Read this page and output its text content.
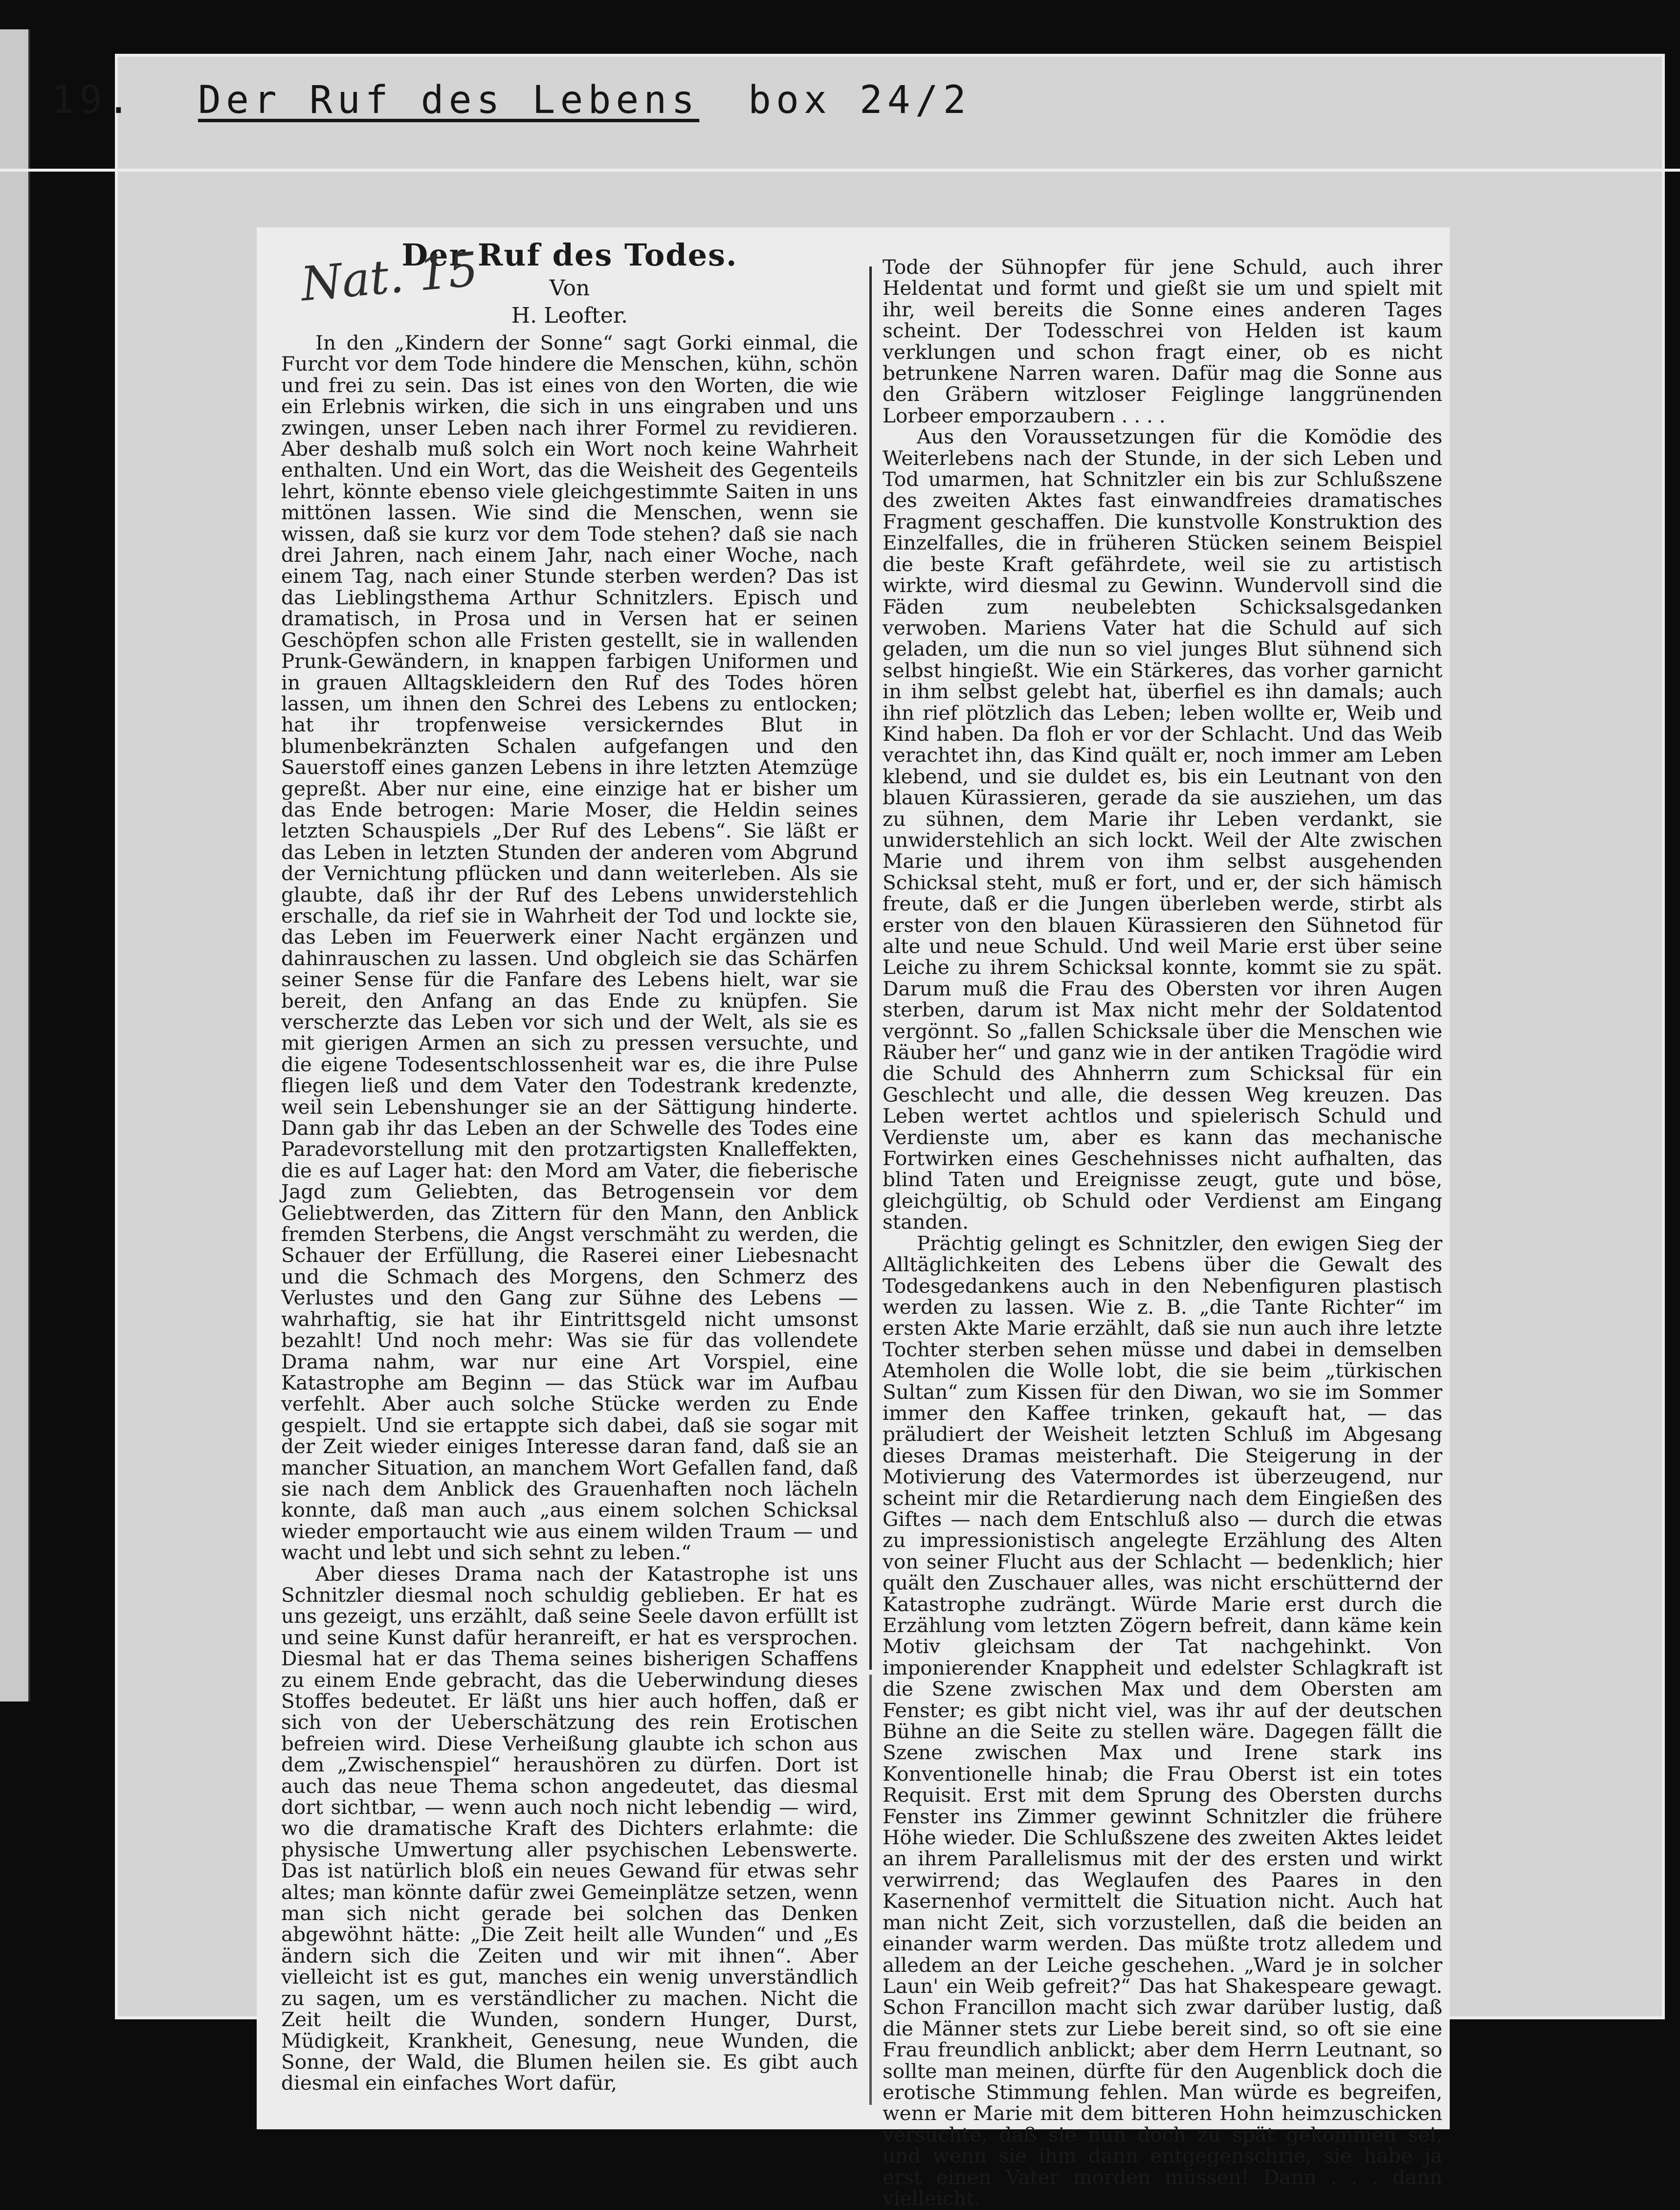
19. Der Ruf des Lebens box 24/2
Der Ruf des Todes.
Von
H. Leofter.

In den „Kindern der Sonne“ sagt Gorki einmal, die Furcht vor dem Tode hindere die Menschen, kühn, schön und frei zu sein. Das ist eines von den Worten, die wie ein Erlebnis wirken, die sich in uns eingraben und uns zwingen, unser Leben nach ihrer Formel zu revidieren. Aber deshalb muß solch ein Wort noch keine Wahrheit enthalten. Und ein Wort, das die Weisheit des Gegenteils lehrt, könnte ebenso viele gleichgestimmte Saiten in uns mittönen lassen. Wie sind die Menschen, wenn sie wissen, daß sie kurz vor dem Tode stehen? daß sie nach drei Jahren, nach einem Jahr, nach einer Woche, nach einem Tag, nach einer Stunde sterben werden? Das ist das Lieblingsthema Arthur Schnitzlers. Episch und dramatisch, in Prosa und in Versen hat er seinen Geschöpfen schon alle Fristen gestellt, sie in wallenden Prunk-Gewändern, in knappen farbigen Uniformen und in grauen Alltagskleidern den Ruf des Todes hören lassen, um ihnen den Schrei des Lebens zu entlocken; hat ihr tropfenweise versickerndes Blut in blumenbekränzten Schalen aufgefangen und den Sauerstoff eines ganzen Lebens in ihre letzten Atemzüge gepreßt. Aber nur eine, eine einzige hat er bisher um das Ende betrogen: Marie Moser, die Heldin seines letzten Schauspiels „Der Ruf des Lebens“. Sie läßt er das Leben in letzten Stunden der anderen vom Abgrund der Vernichtung pflücken und dann weiterleben. Als sie glaubte, daß ihr der Ruf des Lebens unwiderstehlich erschalle, da rief sie in Wahrheit der Tod und lockte sie, das Leben im Feuerwerk einer Nacht ergänzen und dahinrauschen zu lassen. Und obgleich sie das Schärfen seiner Sense für die Fanfare des Lebens hielt, war sie bereit, den Anfang an das Ende zu knüpfen. Sie verscherzte das Leben vor sich und der Welt, als sie es mit gierigen Armen an sich zu pressen versuchte, und die eigene Todesentschlossenheit war es, die ihre Pulse fliegen ließ und dem Vater den Todestrank kredenzte, weil sein Lebenshunger sie an der Sättigung hinderte. Dann gab ihr das Leben an der Schwelle des Todes eine Paradevorstellung mit den protzartigsten Knalleffekten, die es auf Lager hat: den Mord am Vater, die fieberische Jagd zum Geliebten, das Betrogensein vor dem Geliebtwerden, das Zittern für den Mann, den Anblick fremden Sterbens, die Angst verschmäht zu werden, die Schauer der Erfüllung, die Raserei einer Liebesnacht und die Schmach des Morgens, den Schmerz des Verlustes und den Gang zur Sühne des Lebens — wahrhaftig, sie hat ihr Eintrittsgeld nicht umsonst bezahlt! Und noch mehr: Was sie für das vollendete Drama nahm, war nur eine Art Vorspiel, eine Katastrophe am Beginn — das Stück war im Aufbau verfehlt. Aber auch solche Stücke werden zu Ende gespielt. Und sie ertappte sich dabei, daß sie sogar mit der Zeit wieder einiges Interesse daran fand, daß sie an mancher Situation, an manchem Wort Gefallen fand, daß sie nach dem Anblick des Grauenhaften noch lächeln konnte, daß man auch „aus einem solchen Schicksal wieder emportaucht wie aus einem wilden Traum — und wacht und lebt und sich sehnt zu leben.“

Aber dieses Drama nach der Katastrophe ist uns Schnitzler diesmal noch schuldig geblieben. Er hat es uns gezeigt, uns erzählt, daß seine Seele davon erfüllt ist und seine Kunst dafür heranreift, er hat es versprochen. Diesmal hat er das Thema seines bisherigen Schaffens zu einem Ende gebracht, das die Ueberwindung dieses Stoffes bedeutet. Er läßt uns hier auch hoffen, daß er sich von der Ueberschätzung des rein Erotischen befreien wird. Diese Verheißung glaubte ich schon aus dem „Zwischenspiel“ heraushören zu dürfen. Dort ist auch das neue Thema schon angedeutet, das diesmal dort sichtbar, — wenn auch noch nicht lebendig — wird, wo die dramatische Kraft des Dichters erlahmte: die physische Umwertung aller psychischen Lebenswerte. Das ist natürlich bloß ein neues Gewand für etwas sehr altes; man könnte dafür zwei Gemeinplätze setzen, wenn man sich nicht gerade bei solchen das Denken abgewöhnt hätte: „Die Zeit heilt alle Wunden“ und „Es ändern sich die Zeiten und wir mit ihnen“. Aber vielleicht ist es gut, manches ein wenig unverständlich zu sagen, um es verständlicher zu machen. Nicht die Zeit heilt die Wunden, sondern Hunger, Durst, Müdigkeit, Krankheit, Genesung, neue Wunden, die Sonne, der Wald, die Blumen heilen sie. Es gibt auch diesmal ein einfaches Wort dafür,

Tode der Sühnopfer für jene Schuld, auch ihrer Heldentat und formt und gießt sie um und spielt mit ihr, weil bereits die Sonne eines anderen Tages scheint. Der Todesschrei von Helden ist kaum verklungen und schon fragt einer, ob es nicht betrunkene Narren waren. Dafür mag die Sonne aus den Gräbern witzloser Feiglinge langgrünenden Lorbeer emporzaubern . . . .

Aus den Voraussetzungen für die Komödie des Weiterlebens nach der Stunde, in der sich Leben und Tod umarmen, hat Schnitzler ein bis zur Schlußszene des zweiten Aktes fast einwandfreies dramatisches Fragment geschaffen. Die kunstvolle Konstruktion des Einzelfalles, die in früheren Stücken seinem Beispiel die beste Kraft gefährdete, weil sie zu artistisch wirkte, wird diesmal zu Gewinn. Wundervoll sind die Fäden zum neubelebten Schicksalsgedanken verwoben. Mariens Vater hat die Schuld auf sich geladen, um die nun so viel junges Blut sühnend sich selbst hingießt. Wie ein Stärkeres, das vorher garnicht in ihm selbst gelebt hat, überfiel es ihn damals; auch ihn rief plötzlich das Leben; leben wollte er, Weib und Kind haben. Da floh er vor der Schlacht. Und das Weib verachtet ihn, das Kind quält er, noch immer am Leben klebend, und sie duldet es, bis ein Leutnant von den blauen Kürassieren, gerade da sie ausziehen, um das zu sühnen, dem Marie ihr Leben verdankt, sie unwiderstehlich an sich lockt. Weil der Alte zwischen Marie und ihrem von ihm selbst ausgehenden Schicksal steht, muß er fort, und er, der sich hämisch freute, daß er die Jungen überleben werde, stirbt als erster von den blauen Kürassieren den Sühnetod für alte und neue Schuld. Und weil Marie erst über seine Leiche zu ihrem Schicksal konnte, kommt sie zu spät. Darum muß die Frau des Obersten vor ihren Augen sterben, darum ist Max nicht mehr der Soldatentod vergönnt. So „fallen Schicksale über die Menschen wie Räuber her“ und ganz wie in der antiken Tragödie wird die Schuld des Ahnherrn zum Schicksal für ein Geschlecht und alle, die dessen Weg kreuzen. Das Leben wertet achtlos und spielerisch Schuld und Verdienste um, aber es kann das mechanische Fortwirken eines Geschehnisses nicht aufhalten, das blind Taten und Ereignisse zeugt, gute und böse, gleichgültig, ob Schuld oder Verdienst am Eingang standen.

Prächtig gelingt es Schnitzler, den ewigen Sieg der Alltäglichkeiten des Lebens über die Gewalt des Todesgedankens auch in den Nebenfiguren plastisch werden zu lassen. Wie z. B. „die Tante Richter“ im ersten Akte Marie erzählt, daß sie nun auch ihre letzte Tochter sterben sehen müsse und dabei in demselben Atemholen die Wolle lobt, die sie beim „türkischen Sultan“ zum Kissen für den Diwan, wo sie im Sommer immer den Kaffee trinken, gekauft hat, — das präludiert der Weisheit letzten Schluß im Abgesang dieses Dramas meisterhaft. Die Steigerung in der Motivierung des Vatermordes ist überzeugend, nur scheint mir die Retardierung nach dem Eingießen des Giftes — nach dem Entschluß also — durch die etwas zu impressionistisch angelegte Erzählung des Alten von seiner Flucht aus der Schlacht — bedenklich; hier quält den Zuschauer alles, was nicht erschütternd der Katastrophe zudrängt. Würde Marie erst durch die Erzählung vom letzten Zögern befreit, dann käme kein Motiv gleichsam der Tat nachgehinkt. Von imponierender Knappheit und edelster Schlagkraft ist die Szene zwischen Max und dem Obersten am Fenster; es gibt nicht viel, was ihr auf der deutschen Bühne an die Seite zu stellen wäre. Dagegen fällt die Szene zwischen Max und Irene stark ins Konventionelle hinab; die Frau Oberst ist ein totes Requisit. Erst mit dem Sprung des Obersten durchs Fenster ins Zimmer gewinnt Schnitzler die frühere Höhe wieder. Die Schlußszene des zweiten Aktes leidet an ihrem Parallelismus mit der des ersten und wirkt verwirrend; das Weglaufen des Paares in den Kasernenhof vermittelt die Situation nicht. Auch hat man nicht Zeit, sich vorzustellen, daß die beiden an einander warm werden. Das müßte trotz alledem und alledem an der Leiche geschehen. „Ward je in solcher Laun' ein Weib gefreit?“ Das hat Shakespeare gewagt. Schon Francillon macht sich zwar darüber lustig, daß die Männer stets zur Liebe bereit sind, so oft sie eine Frau freundlich anblickt; aber dem Herrn Leutnant, so sollte man meinen, dürfte für den Augenblick doch die erotische Stimmung fehlen. Man würde es begreifen, wenn er Marie mit dem bitteren Hohn heimzuschicken versuchte, daß sie nun doch zu spät gekommen sei, und wenn sie ihm dann entgegenschrie, sie habe ja erst einen Vater morden müssen! Dann . . . dann vielleicht.

Nat. 15
